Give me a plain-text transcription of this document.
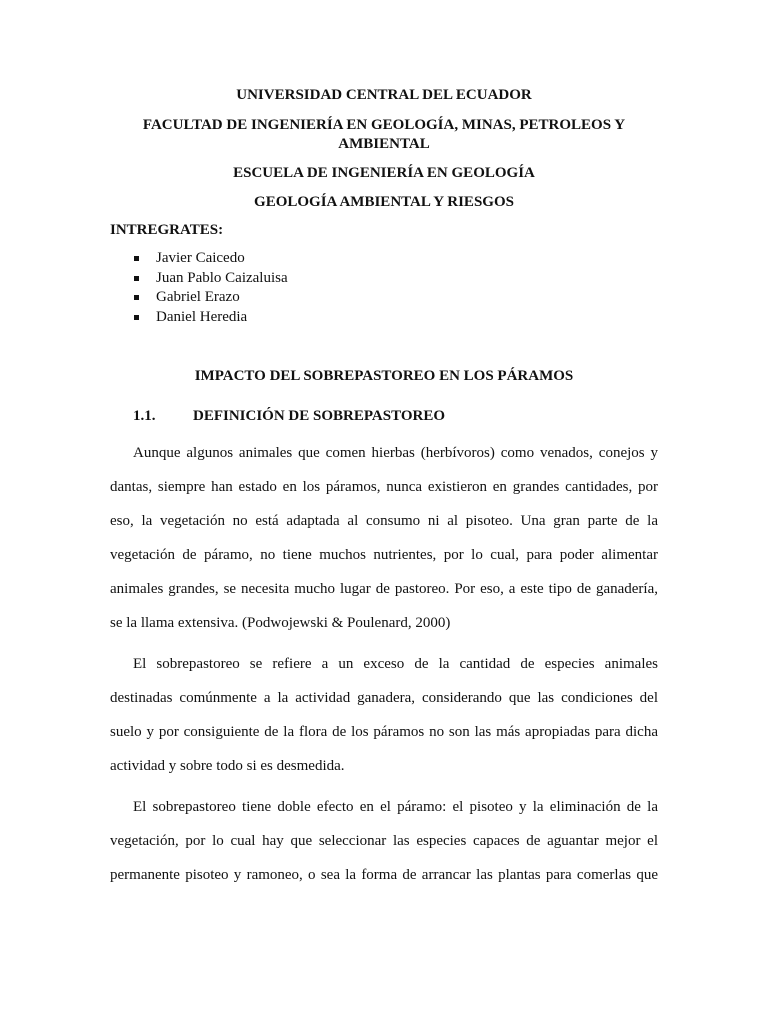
UNIVERSIDAD CENTRAL DEL ECUADOR
FACULTAD DE INGENIERÍA EN GEOLOGÍA, MINAS, PETROLEOS Y AMBIENTAL
ESCUELA DE INGENIERÍA EN GEOLOGÍA
GEOLOGÍA AMBIENTAL Y RIESGOS
INTREGRATES:
Javier Caicedo
Juan Pablo Caizaluisa
Gabriel Erazo
Daniel Heredia
IMPACTO DEL SOBREPASTOREO EN LOS PÁRAMOS
1.1.	DEFINICIÓN DE SOBREPASTOREO
Aunque algunos animales que comen hierbas (herbívoros) como venados, conejos y
dantas, siempre han estado en los páramos, nunca existieron en grandes cantidades, por
eso, la vegetación no está adaptada al consumo ni al pisoteo. Una gran parte de la
vegetación de páramo, no tiene muchos nutrientes, por lo cual, para poder alimentar
animales grandes, se necesita mucho lugar de pastoreo. Por eso, a este tipo de ganadería,
se la llama extensiva. (Podwojewski & Poulenard, 2000)
El sobrepastoreo se refiere a un exceso de la cantidad de especies animales
destinadas comúnmente a la actividad ganadera, considerando que las condiciones del
suelo y por consiguiente de la flora de los páramos no son las más apropiadas para dicha
actividad y sobre todo si es desmedida.
El sobrepastoreo tiene doble efecto en el páramo: el pisoteo y la eliminación de la
vegetación, por lo cual hay que seleccionar las especies capaces de aguantar mejor el
permanente pisoteo y ramoneo, o sea la forma de arrancar las plantas para comerlas que
